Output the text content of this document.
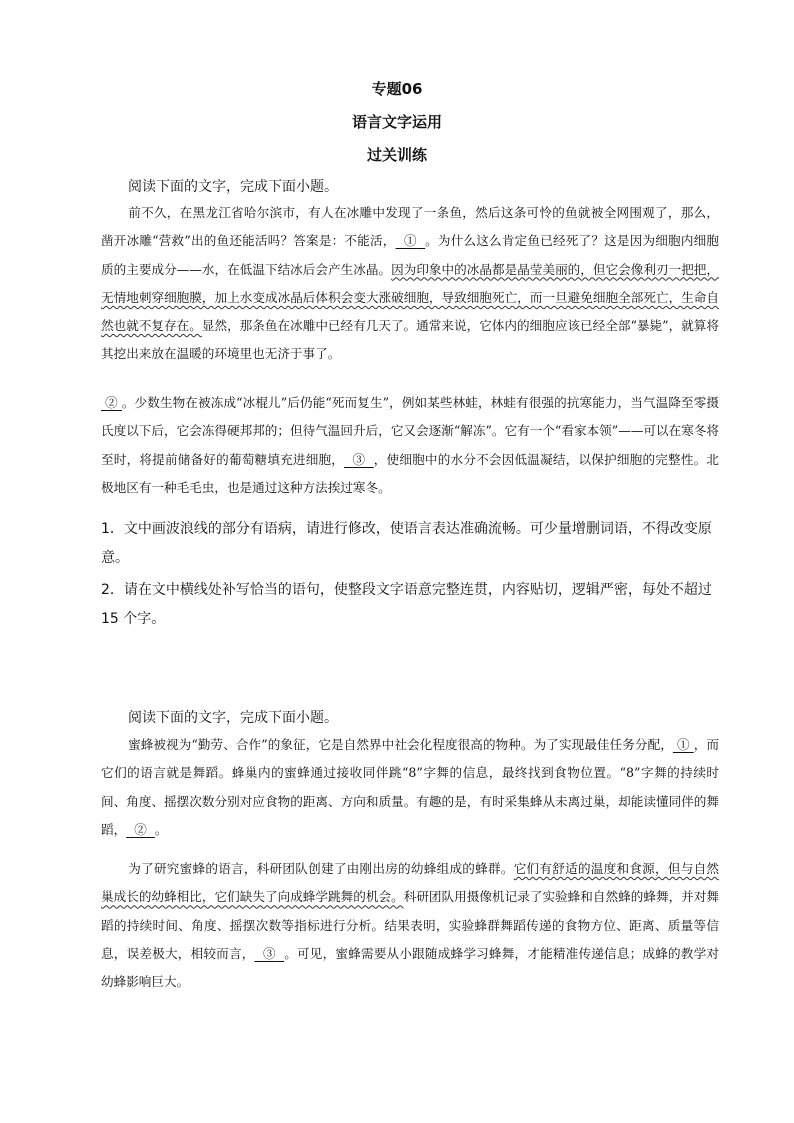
专题06
语言文字运用
过关训练

阅读下面的文字，完成下面小题。

前不久，在黑龙江省哈尔滨市，有人在冰雕中发现了一条鱼，然后这条可怜的鱼就被全网围观了，那么，凿开冰雕“营救”出的鱼还能活吗？答案是：不能活， ① 。为什么这么肯定鱼已经死了？这是因为细胞内细胞质的主要成分——水，在低温下结冰后会产生冰晶。因为印象中的冰晶都是晶莹美丽的，但它会像利刃一把把，无情地刺穿细胞膜，加上水变成冰晶后体积会变大涨破细胞，导致细胞死亡，而一旦避免细胞全部死亡，生命自然也就不复存在。显然，那条鱼在冰雕中已经有几天了。通常来说，它体内的细胞应该已经全部“暴毙”，就算将其挖出来放在温暖的环境里也无济于事了。

② 。少数生物在被冻成“冰棍儿”后仍能“死而复生”，例如某些林蛙，林蛙有很强的抗寒能力，当气温降至零摄氏度以下后，它会冻得硬邦邦的；但待气温回升后，它又会逐渐“解冻”。它有一个“看家本领”——可以在寒冬将至时，将提前储备好的葡萄糖填充进细胞， ③ ，使细胞中的水分不会因低温凝结，以保护细胞的完整性。北极地区有一种毛毛虫，也是通过这种方法挨过寒冬。

1．文中画波浪线的部分有语病，请进行修改，使语言表达准确流畅。可少量增删词语，不得改变原意。

2．请在文中横线处补写恰当的语句，使整段文字语意完整连贯，内容贴切，逻辑严密，每处不超过 15 个字。

阅读下面的文字，完成下面小题。

蜜蜂被视为“勤劳、合作”的象征，它是自然界中社会化程度很高的物种。为了实现最佳任务分配， ① ，而它们的语言就是舞蹈。蜂巢内的蜜蜂通过接收同伴跳“8”字舞的信息，最终找到食物位置。“8”字舞的持续时间、角度、摇摆次数分别对应食物的距离、方向和质量。有趣的是，有时采集蜂从未离过巢，却能读懂同伴的舞蹈， ② 。

为了研究蜜蜂的语言，科研团队创建了由刚出房的幼蜂组成的蜂群。它们有舒适的温度和食源，但与自然巢成长的幼蜂相比，它们缺失了向成蜂学跳舞的机会。科研团队用摄像机记录了实验蜂和自然蜂的蜂舞，并对舞蹈的持续时间、角度、摇摆次数等指标进行分析。结果表明，实验蜂群舞蹈传递的食物方位、距离、质量等信息，误差极大，相较而言， ③ 。可见，蜜蜂需要从小跟随成蜂学习蜂舞，才能精准传递信息；成蜂的教学对幼蜂影响巨大。
